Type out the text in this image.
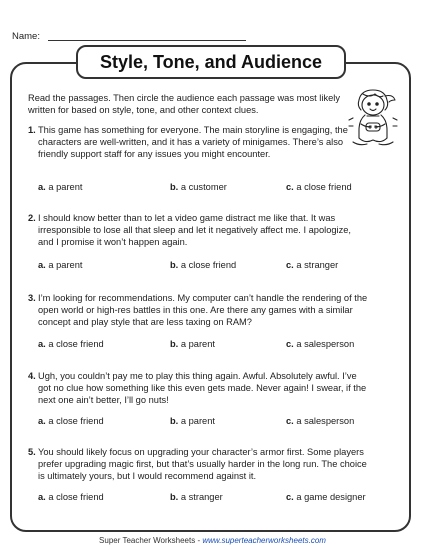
Name:
Style, Tone, and Audience
Read the passages. Then circle the audience each passage was most likely written for based on style, tone, and other context clues.
1. This game has something for everyone. The main storyline is engaging, the characters are well-written, and it has a variety of minigames. There’s also friendly support staff for any issues you might encounter.
a. a parent	b. a customer	c. a close friend
2. I should know better than to let a video game distract me like that. It was irresponsible to lose all that sleep and let it negatively affect me. I apologize, and I promise it won’t happen again.
a. a parent	b. a close friend	c. a stranger
3. I’m looking for recommendations. My computer can’t handle the rendering of the open world or high-res battles in this one. Are there any games with a similar concept and play style that are less taxing on RAM?
a. a close friend	b. a parent	c. a salesperson
4. Ugh, you couldn’t pay me to play this thing again. Awful. Absolutely awful. I’ve got no clue how something like this even gets made. Never again! I swear, if the next one ain’t better, I’ll go nuts!
a. a close friend	b. a parent	c. a salesperson
5. You should likely focus on upgrading your character’s armor first. Some players prefer upgrading magic first, but that’s usually harder in the long run. The choice is ultimately yours, but I would recommend against it.
a. a close friend	b. a stranger	c. a game designer
Super Teacher Worksheets - www.superteacherworksheets.com
